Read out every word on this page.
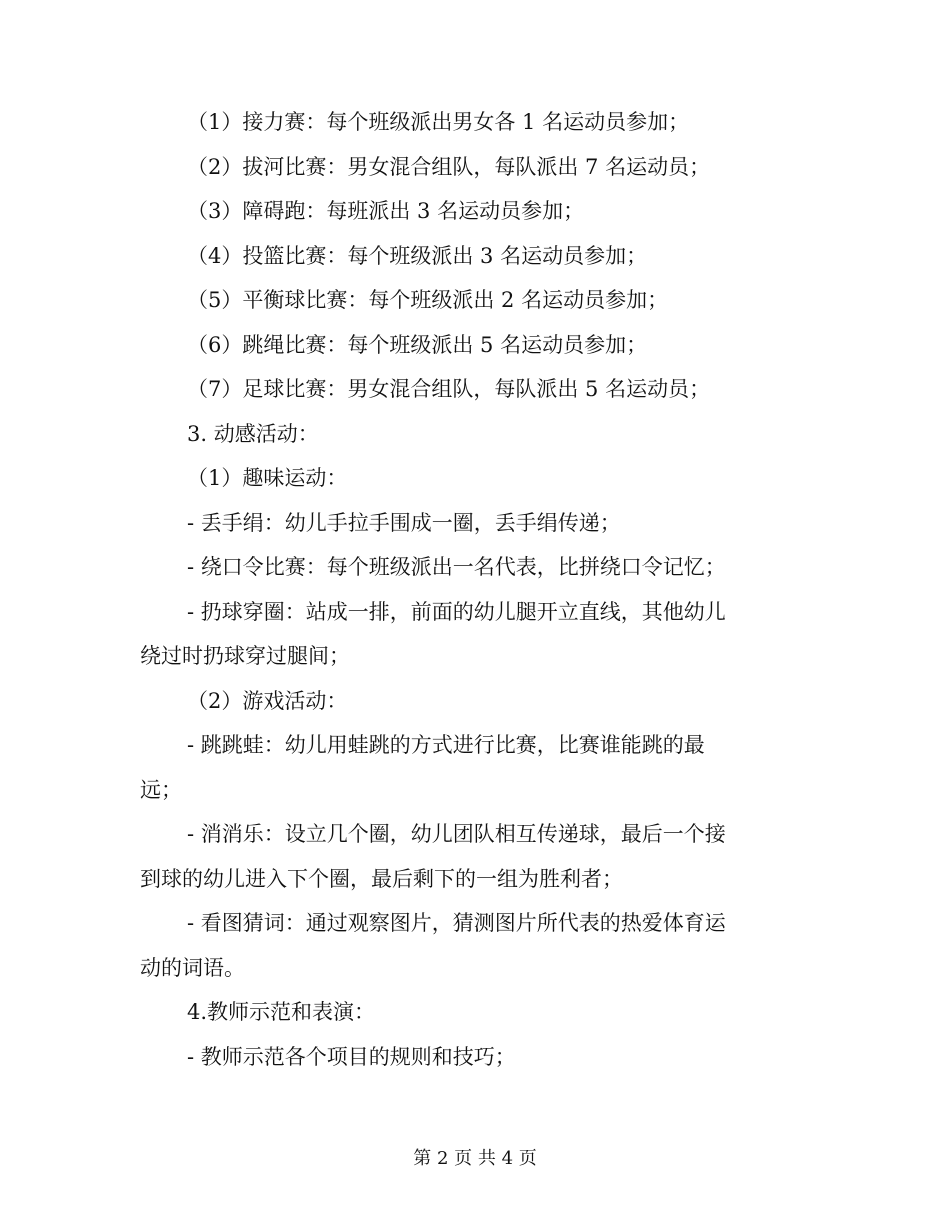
（1）接力赛：每个班级派出男女各 1 名运动员参加；
（2）拔河比赛：男女混合组队，每队派出 7 名运动员；
（3）障碍跑：每班派出 3 名运动员参加；
（4）投篮比赛：每个班级派出 3 名运动员参加；
（5）平衡球比赛：每个班级派出 2 名运动员参加；
（6）跳绳比赛：每个班级派出 5 名运动员参加；
（7）足球比赛：男女混合组队，每队派出 5 名运动员；
3. 动感活动：
（1）趣味运动：
- 丢手绢：幼儿手拉手围成一圈，丢手绢传递；
- 绕口令比赛：每个班级派出一名代表，比拼绕口令记忆；
- 扔球穿圈：站成一排，前面的幼儿腿开立直线，其他幼儿
绕过时扔球穿过腿间；
（2）游戏活动：
- 跳跳蛙：幼儿用蛙跳的方式进行比赛，比赛谁能跳的最
远；
- 消消乐：设立几个圈，幼儿团队相互传递球，最后一个接
到球的幼儿进入下个圈，最后剩下的一组为胜利者；
- 看图猜词：通过观察图片，猜测图片所代表的热爱体育运
动的词语。
4.教师示范和表演：
- 教师示范各个项目的规则和技巧；
第 2 页 共 4 页
